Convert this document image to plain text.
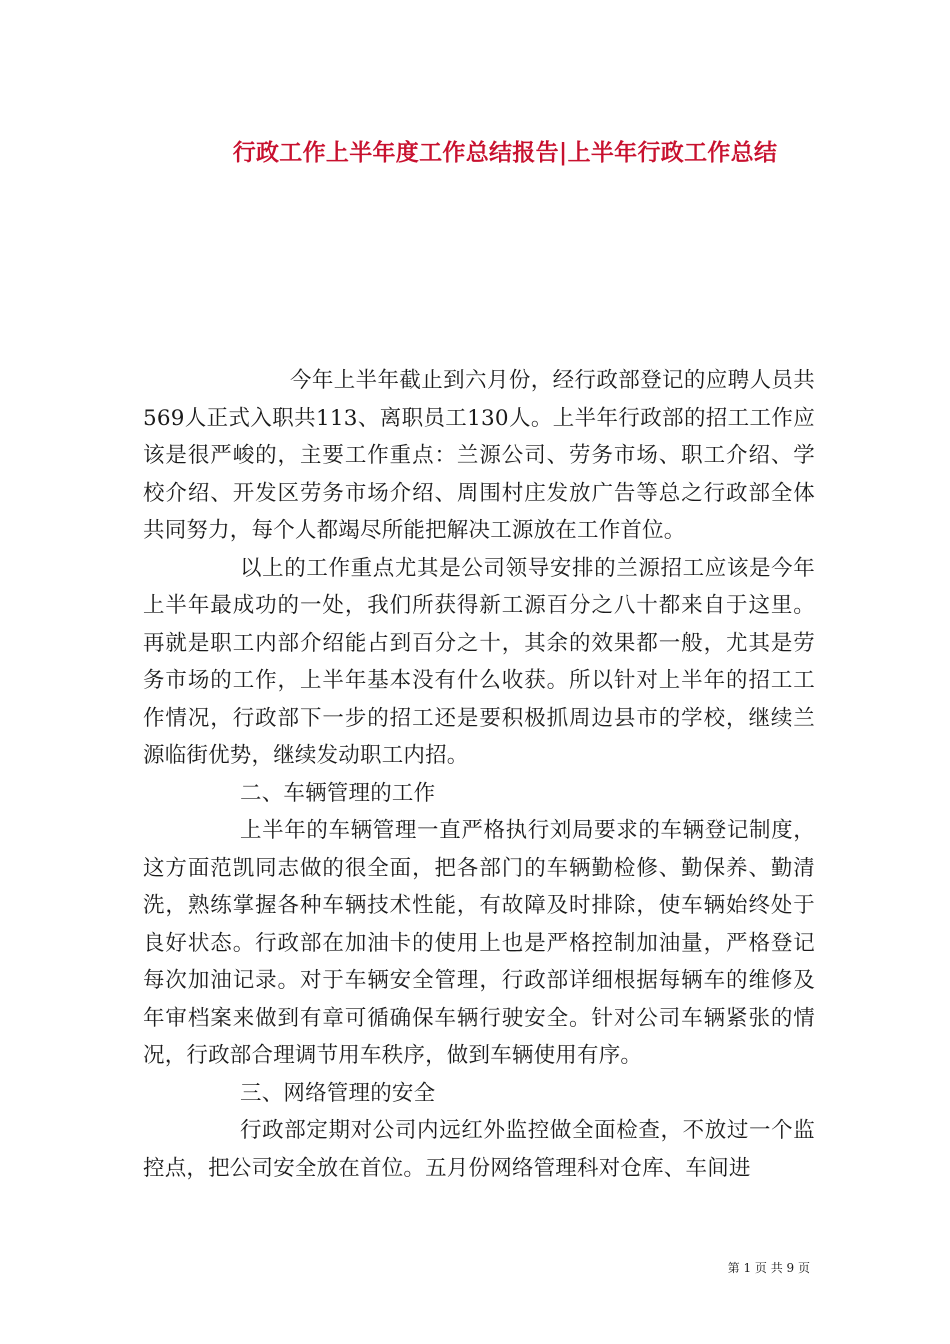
行政工作上半年度工作总结报告|上半年行政工作总结

今年上半年截止到六月份，经行政部登记的应聘人员共569人正式入职共113、离职员工130人。上半年行政部的招工工作应该是很严峻的，主要工作重点：兰源公司、劳务市场、职工介绍、学校介绍、开发区劳务市场介绍、周围村庄发放广告等总之行政部全体共同努力，每个人都竭尽所能把解决工源放在工作首位。

以上的工作重点尤其是公司领导安排的兰源招工应该是今年上半年最成功的一处，我们所获得新工源百分之八十都来自于这里。再就是职工内部介绍能占到百分之十，其余的效果都一般，尤其是劳务市场的工作，上半年基本没有什么收获。所以针对上半年的招工工作情况，行政部下一步的招工还是要积极抓周边县市的学校，继续兰源临街优势，继续发动职工内招。

二、车辆管理的工作

上半年的车辆管理一直严格执行刘局要求的车辆登记制度，这方面范凯同志做的很全面，把各部门的车辆勤检修、勤保养、勤清洗，熟练掌握各种车辆技术性能，有故障及时排除，使车辆始终处于良好状态。行政部在加油卡的使用上也是严格控制加油量，严格登记每次加油记录。对于车辆安全管理，行政部详细根据每辆车的维修及年审档案来做到有章可循确保车辆行驶安全。针对公司车辆紧张的情况，行政部合理调节用车秩序，做到车辆使用有序。

三、网络管理的安全

行政部定期对公司内远红外监控做全面检查，不放过一个监控点，把公司安全放在首位。五月份网络管理科对仓库、车间进

第 1 页 共 9 页
